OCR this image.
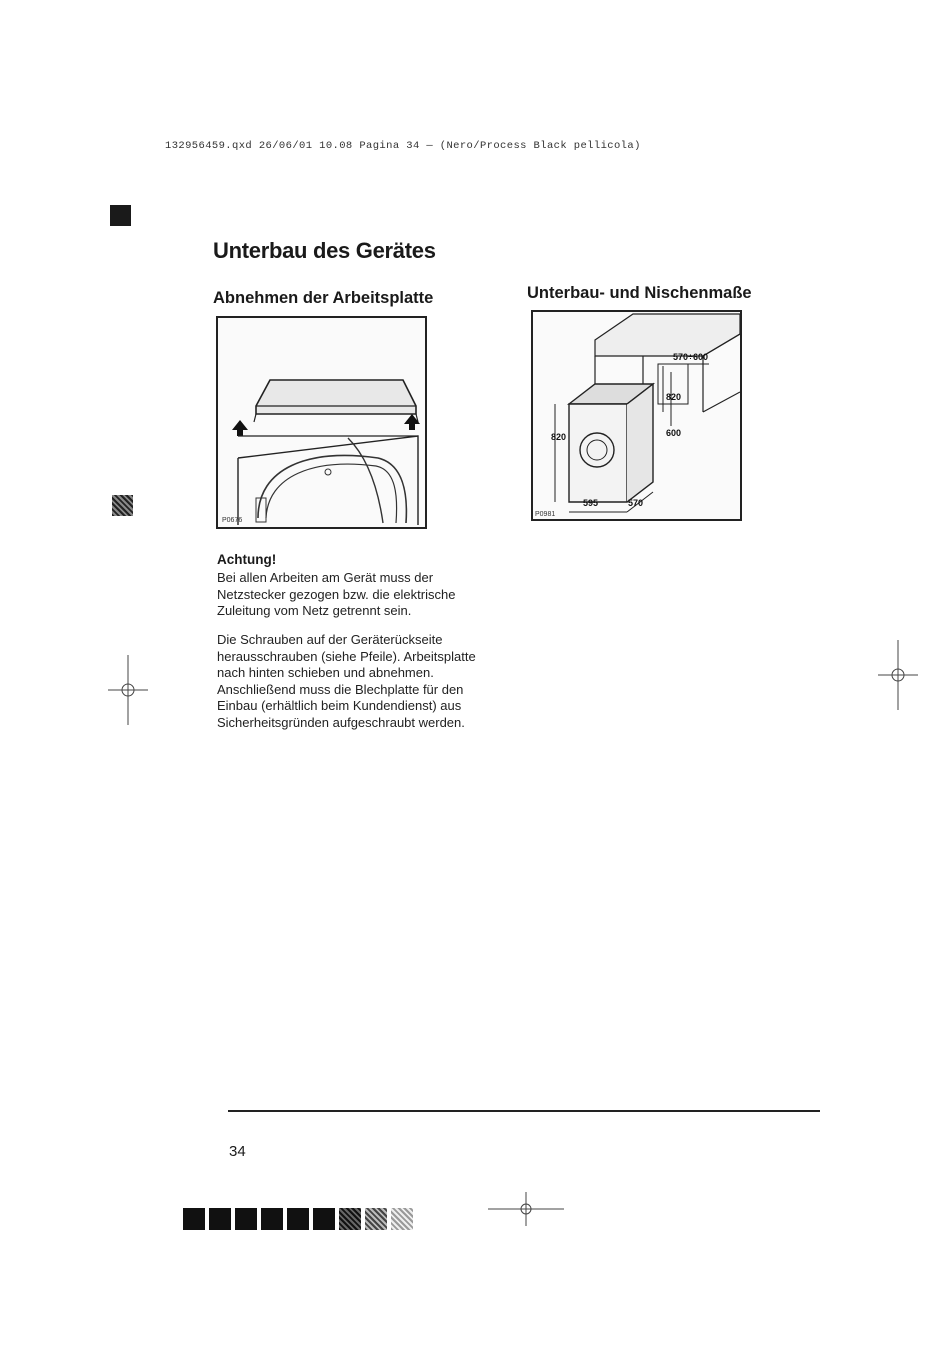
132956459.qxd 26/06/01 10.08 Pagina 34 — (Nero/Process Black pellicola)
Unterbau des Gerätes
Abnehmen der Arbeitsplatte	Unterbau- und Nischenmaße
P0676
570÷600
820
820	600
595	570
P0981
Achtung!
Bei allen Arbeiten am Gerät muss der Netzstecker gezogen bzw. die elektrische Zuleitung vom Netz getrennt sein.
Die Schrauben auf der Geräterückseite herausschrauben (siehe Pfeile). Arbeitsplatte nach hinten schieben und abnehmen. Anschließend muss die Blechplatte für den Einbau (erhältlich beim Kundendienst) aus Sicherheitsgründen aufgeschraubt werden.
34
